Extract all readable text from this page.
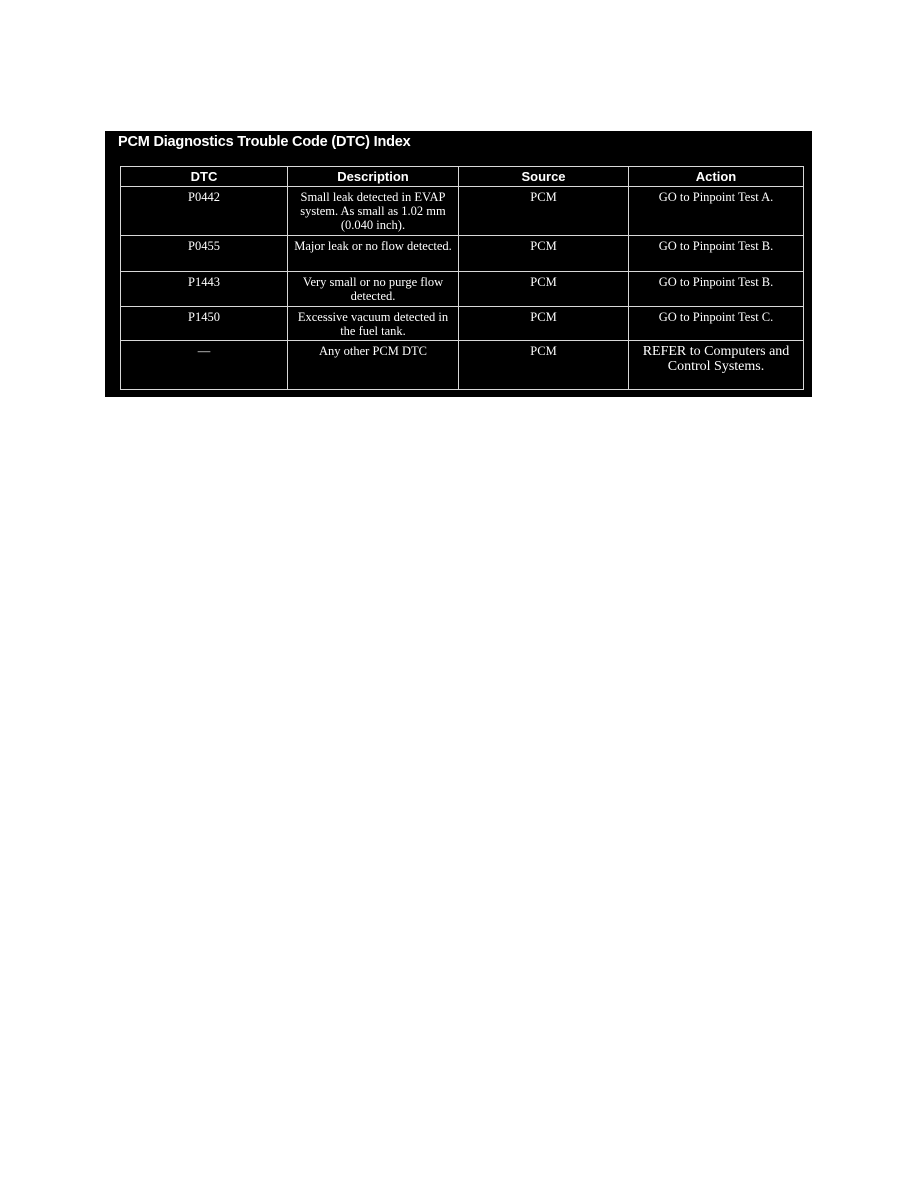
PCM Diagnostics Trouble Code (DTC) Index
DTC	Description	Source	Action
P0442	Small leak detected in EVAP system. As small as 1.02 mm (0.040 inch).	PCM	GO to Pinpoint Test A.
P0455	Major leak or no flow detected.	PCM	GO to Pinpoint Test B.
P1443	Very small or no purge flow detected.	PCM	GO to Pinpoint Test B.
P1450	Excessive vacuum detected in the fuel tank.	PCM	GO to Pinpoint Test C.
—	Any other PCM DTC	PCM	REFER to Computers and Control Systems.
